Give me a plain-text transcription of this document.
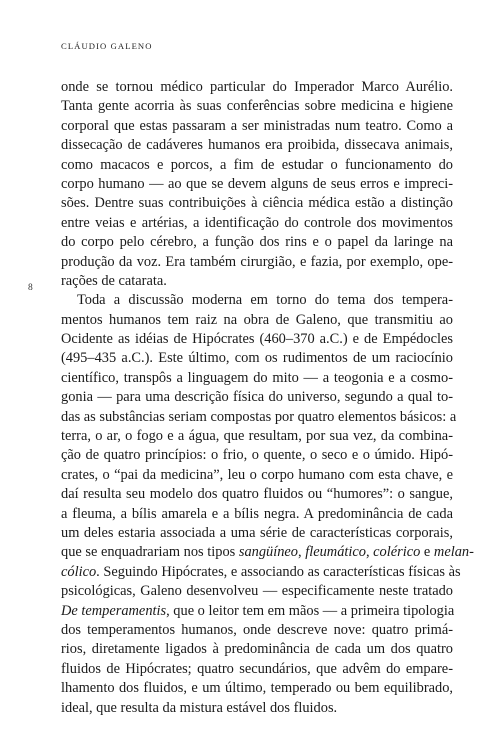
CLÁUDIO GALENO
8
onde se tornou médico particular do Imperador Marco Aurélio.
Tanta gente acorria às suas conferências sobre medicina e higiene
corporal que estas passaram a ser ministradas num teatro. Como a
dissecação de cadáveres humanos era proibida, dissecava animais,
como macacos e porcos, a fim de estudar o funcionamento do
corpo humano — ao que se devem alguns de seus erros e impreci-
sões. Dentre suas contribuições à ciência médica estão a distinção
entre veias e artérias, a identificação do controle dos movimentos
do corpo pelo cérebro, a função dos rins e o papel da laringe na
produção da voz. Era também cirurgião, e fazia, por exemplo, ope-
rações de catarata.
Toda a discussão moderna em torno do tema dos tempera-
mentos humanos tem raiz na obra de Galeno, que transmitiu ao
Ocidente as idéias de Hipócrates (460–370 a.C.) e de Empédocles
(495–435 a.C.). Este último, com os rudimentos de um raciocínio
científico, transpôs a linguagem do mito — a teogonia e a cosmo-
gonia — para uma descrição física do universo, segundo a qual to-
das as substâncias seriam compostas por quatro elementos básicos: a
terra, o ar, o fogo e a água, que resultam, por sua vez, da combina-
ção de quatro princípios: o frio, o quente, o seco e o úmido. Hipó-
crates, o “pai da medicina”, leu o corpo humano com esta chave, e
daí resulta seu modelo dos quatro fluidos ou “humores”: o sangue,
a fleuma, a bílis amarela e a bílis negra. A predominância de cada
um deles estaria associada a uma série de características corporais,
que se enquadrariam nos tipos sangüíneo, fleumático, colérico e melan-
cólico. Seguindo Hipócrates, e associando as características físicas às
psicológicas, Galeno desenvolveu — especificamente neste tratado
De temperamentis, que o leitor tem em mãos — a primeira tipologia
dos temperamentos humanos, onde descreve nove: quatro primá-
rios, diretamente ligados à predominância de cada um dos quatro
fluidos de Hipócrates; quatro secundários, que advêm do empare-
lhamento dos fluidos, e um último, temperado ou bem equilibrado,
ideal, que resulta da mistura estável dos fluidos.
